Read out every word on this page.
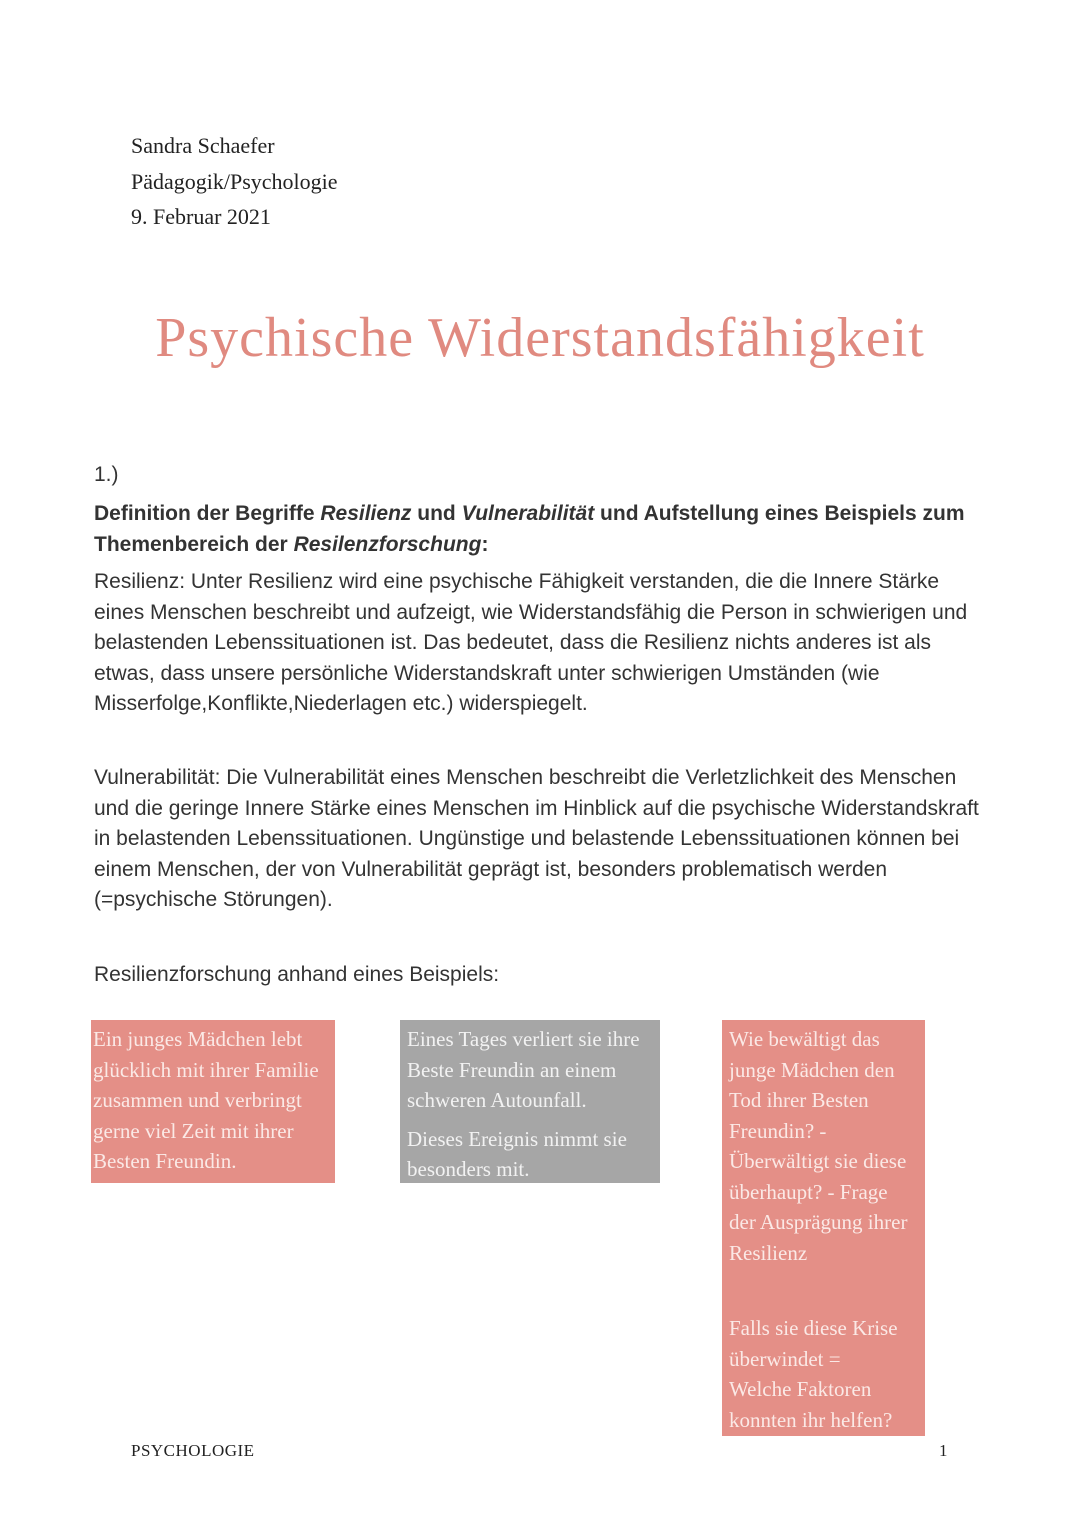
Sandra Schaefer
Pädagogik/Psychologie
9. Februar 2021
Psychische Widerstandsfähigkeit
1.)
Definition der Begriffe Resilienz und Vulnerabilität und Aufstellung eines Beispiels zum Themenbereich der Resilenzforschung:
Resilienz: Unter Resilienz wird eine psychische Fähigkeit verstanden, die die Innere Stärke eines Menschen beschreibt und aufzeigt, wie Widerstandsfähig die Person in schwierigen und belastenden Lebenssituationen ist. Das bedeutet, dass die Resilienz nichts anderes ist als etwas, dass unsere persönliche Widerstandskraft unter schwierigen Umständen (wie Misserfolge,Konflikte,Niederlagen etc.) widerspiegelt.
Vulnerabilität: Die Vulnerabilität eines Menschen beschreibt die Verletzlichkeit des Menschen und die geringe Innere Stärke eines Menschen im Hinblick auf die psychische Widerstandskraft in belastenden Lebenssituationen. Ungünstige und belastende Lebenssituationen können bei einem Menschen, der von Vulnerabilität geprägt ist, besonders problematisch werden (=psychische Störungen).
Resilienzforschung anhand eines Beispiels:
Ein junges Mädchen lebt
glücklich mit ihrer Familie
zusammen und verbringt
gerne viel Zeit mit ihrer
Besten Freundin.
Eines Tages verliert sie ihre
Beste Freundin an einem
schweren Autounfall.
Dieses Ereignis nimmt sie
besonders mit.
Wie bewältigt das
junge Mädchen den
Tod ihrer Besten
Freundin? -
Überwältigt sie diese
überhaupt? - Frage
der Ausprägung ihrer
Resilienz
Falls sie diese Krise
überwindet =
Welche Faktoren
konnten ihr helfen?
PSYCHOLOGIE	1
